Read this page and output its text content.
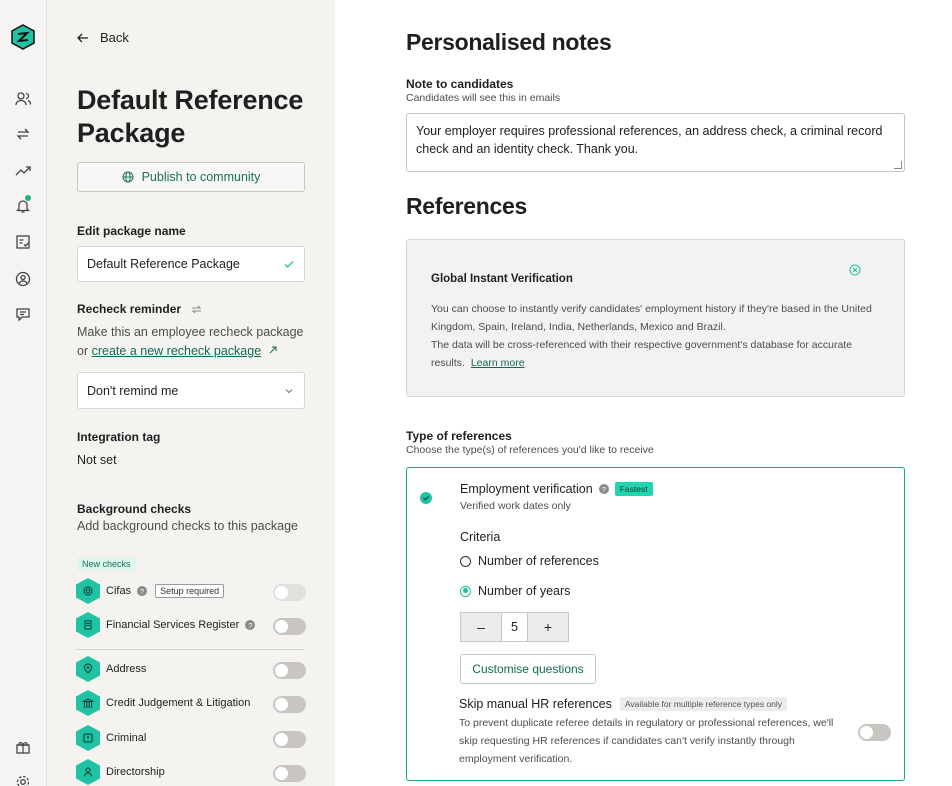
Back
Default Reference Package
Publish to community
Edit package name
Default Reference Package
Recheck reminder
Make this an employee recheck package or create a new recheck package
Don't remind me
Integration tag
Not set
Background checks
Add background checks to this package
New checks
Cifas	?	Setup required
Financial Services Register	?
Address
Credit Judgement & Litigation
Criminal
Directorship
Personalised notes
Note to candidates
Candidates will see this in emails
Your employer requires professional references, an address check, a criminal record check and an identity check. Thank you.
References
Global Instant Verification
You can choose to instantly verify candidates' employment history if they're based in the United Kingdom, Spain, Ireland, India, Netherlands, Mexico and Brazil.
The data will be cross-referenced with their respective government's database for accurate results. Learn more
Type of references
Choose the type(s) of references you'd like to receive
Employment verification	?	Fastest
Verified work dates only
Criteria
Number of references
Number of years
–	5	+
Customise questions
Skip manual HR references	Available for multiple reference types only
To prevent duplicate referee details in regulatory or professional references, we'll skip requesting HR references if candidates can't verify instantly through employment verification.
